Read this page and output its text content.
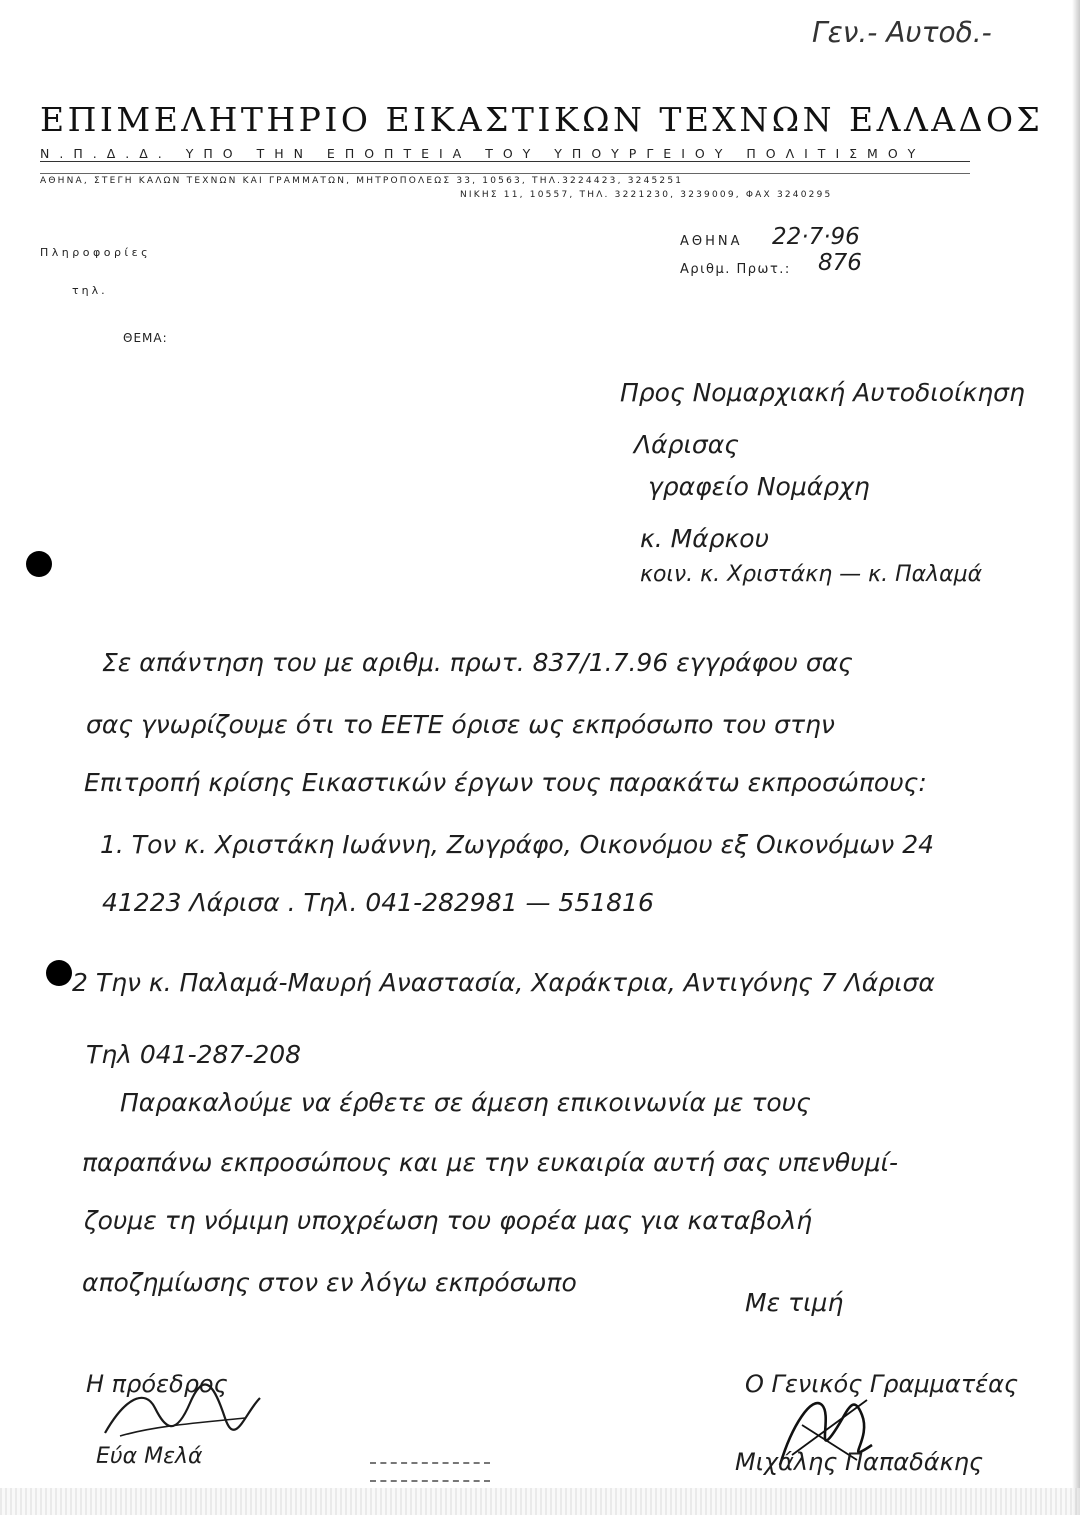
Γεν.- Αυτοδ.-
ΕΠΙΜΕΛΗΤΗΡΙΟ ΕΙΚΑΣΤΙΚΩΝ ΤΕΧΝΩΝ ΕΛΛΑΔΟΣ
Ν.Π.Δ.Δ. ΥΠΟ ΤΗΝ ΕΠΟΠΤΕΙΑ ΤΟΥ ΥΠΟΥΡΓΕΙΟΥ ΠΟΛΙΤΙΣΜΟΥ
ΑΘΗΝΑ, ΣΤΕΓΗ ΚΑΛΩΝ ΤΕΧΝΩΝ ΚΑΙ ΓΡΑΜΜΑΤΩΝ, ΜΗΤΡΟΠΟΛΕΩΣ 33, 10563, ΤΗΛ.3224423, 3245251
ΝΙΚΗΣ 11, 10557, ΤΗΛ. 3221230, 3239009, ΦΑΧ 3240295
Πληροφορίες
τηλ.
ΘΕΜΑ:
ΑΘΗΝΑ 22·7·96
Αριθμ. Πρωτ.: 876
Προς Νομαρχιακή Αυτοδιοίκηση
Λάρισας
γραφείο Νομάρχη
κ. Μάρκου
κοιν. κ. Χριστάκη — κ. Παλαμά
Σε απάντηση του με αριθμ. πρωτ. 837/1.7.96 εγγράφου σας
σας γνωρίζουμε ότι το ΕΕΤΕ όρισε ως εκπρόσωπο του στην
Επιτροπή κρίσης Εικαστικών έργων τους παρακάτω εκπροσώπους:
1. Τον κ. Χριστάκη Ιωάννη, Ζωγράφο, Οικονόμου εξ Οικονόμων 24
41223 Λάρισα . Τηλ. 041-282981 — 551816
2 Την κ. Παλαμά-Μαυρή Αναστασία, Χαράκτρια, Αντιγόνης 7 Λάρισα
Τηλ 041-287-208
Παρακαλούμε να έρθετε σε άμεση επικοινωνία με τους
παραπάνω εκπροσώπους και με την ευκαιρία αυτή σας υπενθυμί-
ζουμε τη νόμιμη υποχρέωση του φορέα μας για καταβολή
αποζημίωσης στον εν λόγω εκπρόσωπο
Με τιμή
Η πρόεδρος
Εύα Μελά
Ο Γενικός Γραμματέας
Μιχάλης Παπαδάκης
